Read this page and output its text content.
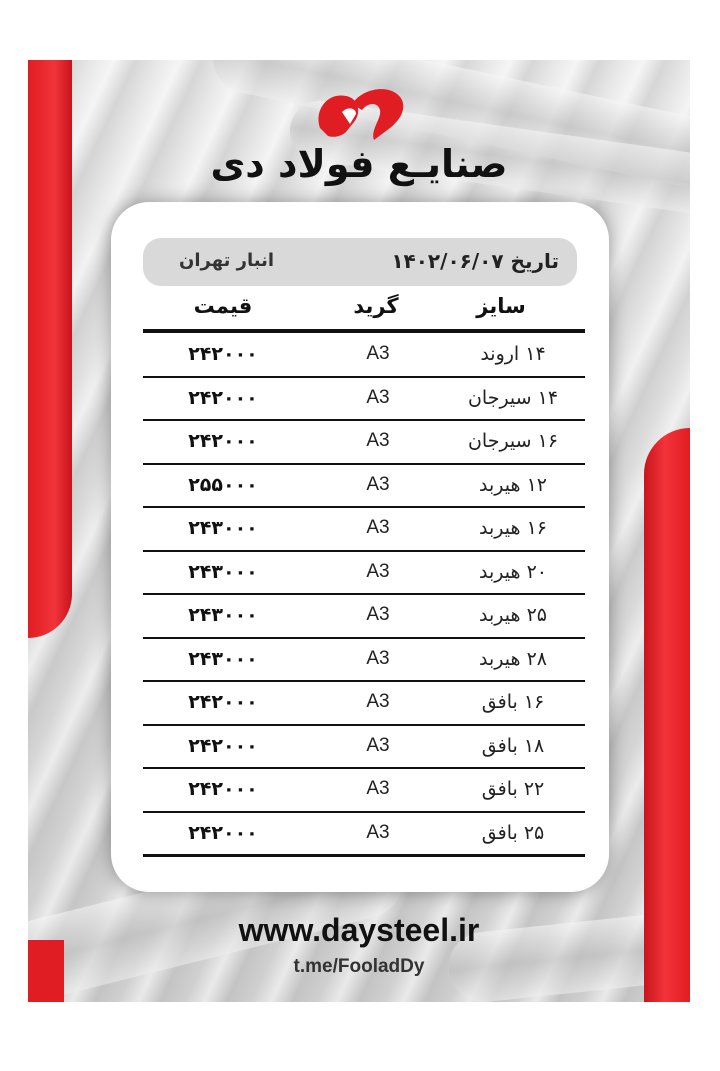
صنایـع فولاد دی
تاریخ ۱۴۰۲/۰۶/۰۷
انبار تهران
سایز
گرید
قیمت
۱۴ اروند
A3
۲۴۲۰۰۰
۱۴ سیرجان
A3
۲۴۲۰۰۰
۱۶ سیرجان
A3
۲۴۲۰۰۰
۱۲ هیربد
A3
۲۵۵۰۰۰
۱۶ هیربد
A3
۲۴۳۰۰۰
۲۰ هیربد
A3
۲۴۳۰۰۰
۲۵ هیربد
A3
۲۴۳۰۰۰
۲۸ هیربد
A3
۲۴۳۰۰۰
۱۶ بافق
A3
۲۴۲۰۰۰
۱۸ بافق
A3
۲۴۲۰۰۰
۲۲ بافق
A3
۲۴۲۰۰۰
۲۵ بافق
A3
۲۴۲۰۰۰
www.daysteel.ir
t.me/FooladDy
